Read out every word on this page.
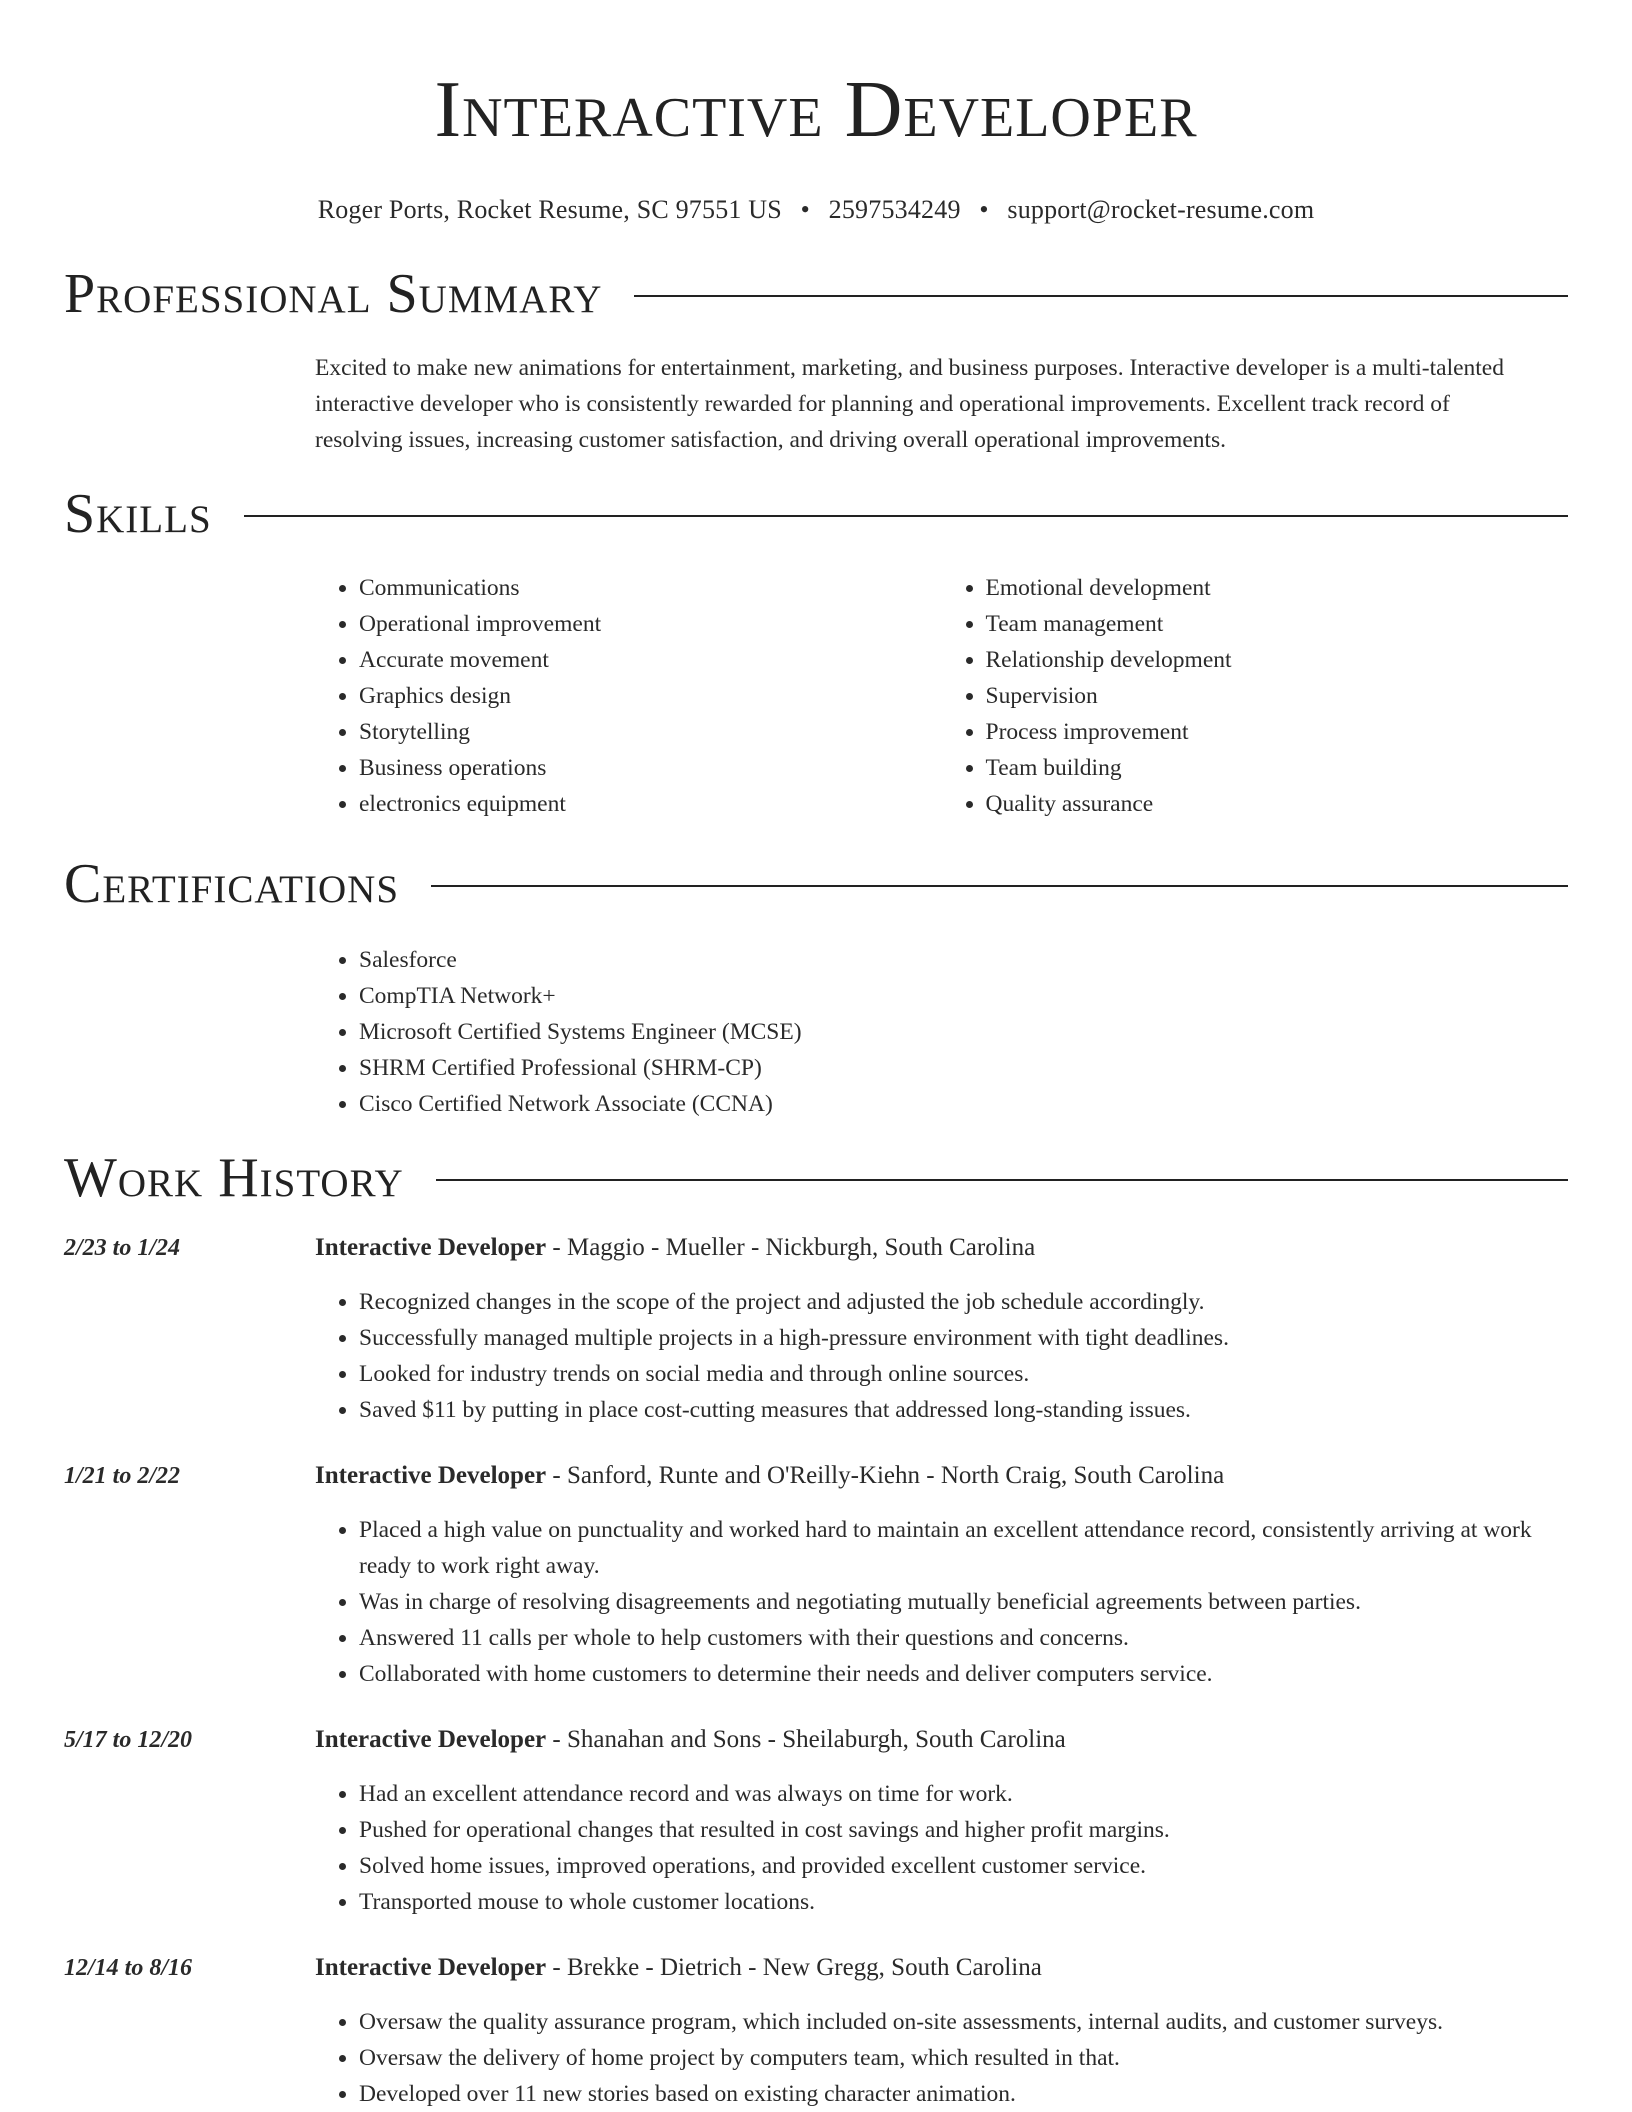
Interactive Developer
Roger Ports, Rocket Resume, SC 97551 US • 2597534249 • support@rocket-resume.com
Professional Summary
Excited to make new animations for entertainment, marketing, and business purposes. Interactive developer is a multi-talented interactive developer who is consistently rewarded for planning and operational improvements. Excellent track record of resolving issues, increasing customer satisfaction, and driving overall operational improvements.
Skills
• Communications
• Operational improvement
• Accurate movement
• Graphics design
• Storytelling
• Business operations
• electronics equipment
• Emotional development
• Team management
• Relationship development
• Supervision
• Process improvement
• Team building
• Quality assurance
Certifications
• Salesforce
• CompTIA Network+
• Microsoft Certified Systems Engineer (MCSE)
• SHRM Certified Professional (SHRM-CP)
• Cisco Certified Network Associate (CCNA)
Work History
2/23 to 1/24	Interactive Developer - Maggio - Mueller - Nickburgh, South Carolina
• Recognized changes in the scope of the project and adjusted the job schedule accordingly.
• Successfully managed multiple projects in a high-pressure environment with tight deadlines.
• Looked for industry trends on social media and through online sources.
• Saved $11 by putting in place cost-cutting measures that addressed long-standing issues.
1/21 to 2/22	Interactive Developer - Sanford, Runte and O'Reilly-Kiehn - North Craig, South Carolina
• Placed a high value on punctuality and worked hard to maintain an excellent attendance record, consistently arriving at work ready to work right away.
• Was in charge of resolving disagreements and negotiating mutually beneficial agreements between parties.
• Answered 11 calls per whole to help customers with their questions and concerns.
• Collaborated with home customers to determine their needs and deliver computers service.
5/17 to 12/20	Interactive Developer - Shanahan and Sons - Sheilaburgh, South Carolina
• Had an excellent attendance record and was always on time for work.
• Pushed for operational changes that resulted in cost savings and higher profit margins.
• Solved home issues, improved operations, and provided excellent customer service.
• Transported mouse to whole customer locations.
12/14 to 8/16	Interactive Developer - Brekke - Dietrich - New Gregg, South Carolina
• Oversaw the quality assurance program, which included on-site assessments, internal audits, and customer surveys.
• Oversaw the delivery of home project by computers team, which resulted in that.
• Developed over 11 new stories based on existing character animation.
